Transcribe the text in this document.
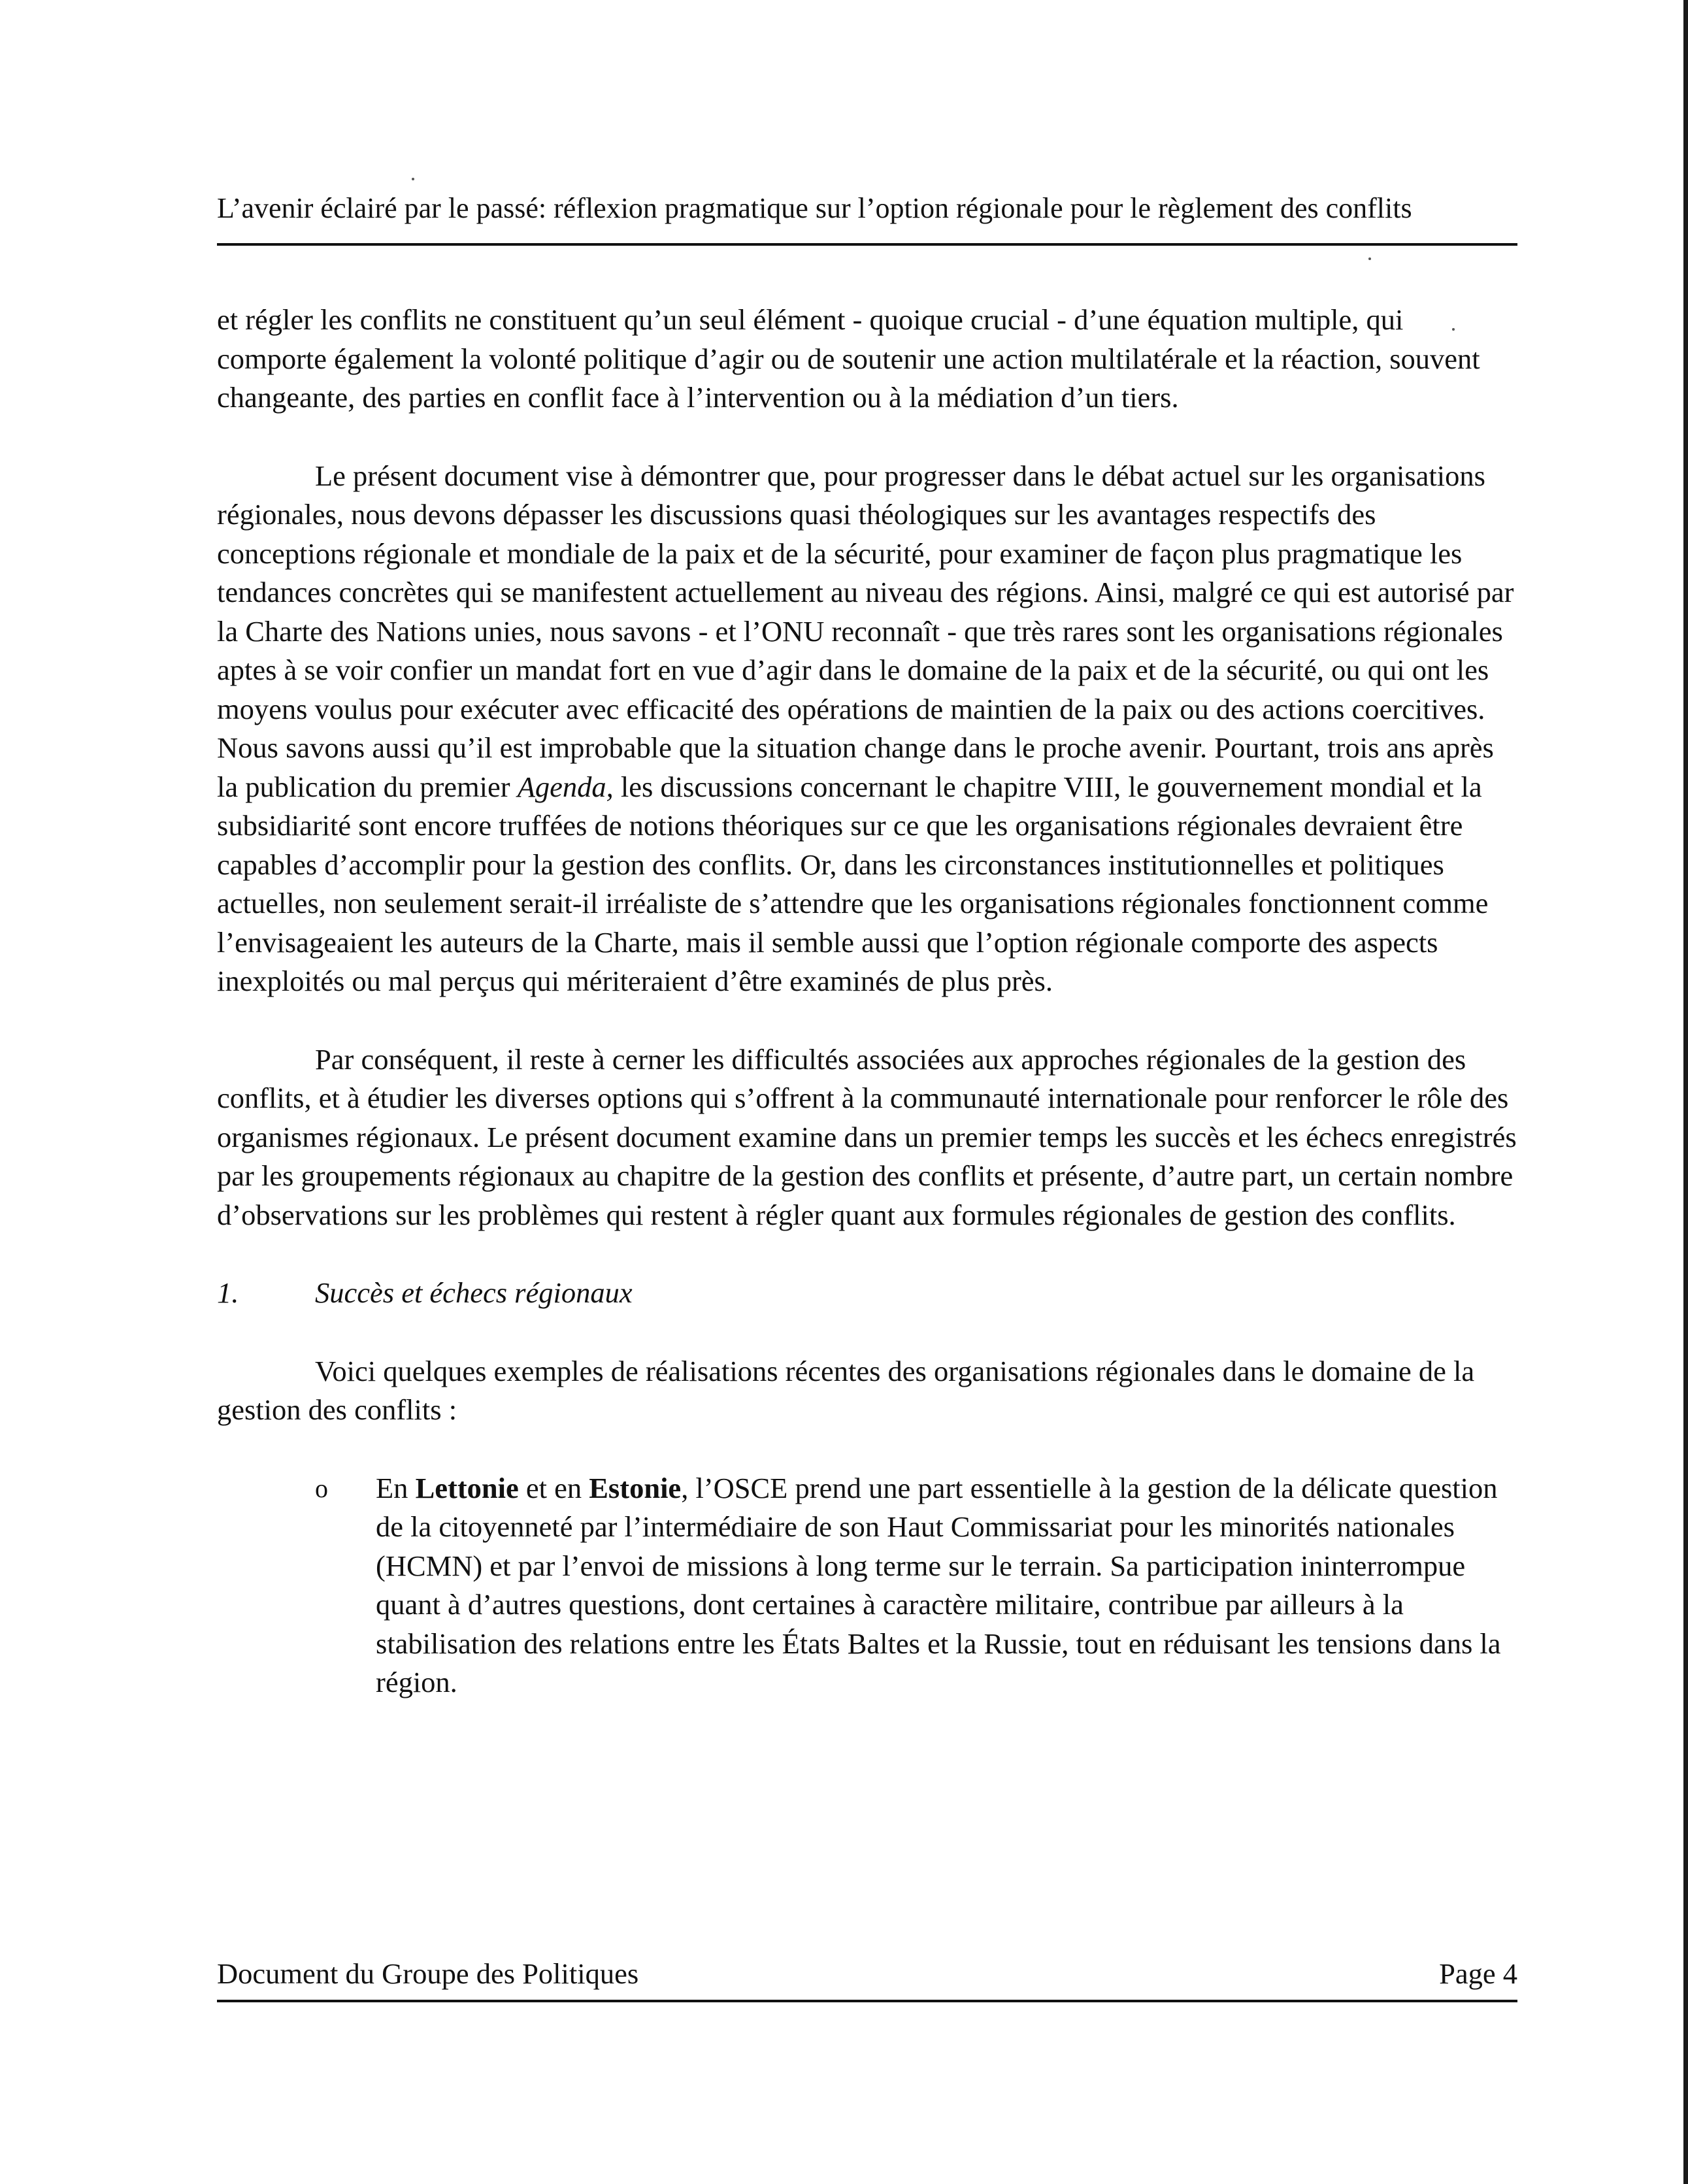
L’avenir éclairé par le passé: réflexion pragmatique sur l’option régionale pour le règlement des conflits

et régler les conflits ne constituent qu’un seul élément - quoique crucial - d’une équation multiple, qui comporte également la volonté politique d’agir ou de soutenir une action multilatérale et la réaction, souvent changeante, des parties en conflit face à l’intervention ou à la médiation d’un tiers.

Le présent document vise à démontrer que, pour progresser dans le débat actuel sur les organisations régionales, nous devons dépasser les discussions quasi théologiques sur les avantages respectifs des conceptions régionale et mondiale de la paix et de la sécurité, pour examiner de façon plus pragmatique les tendances concrètes qui se manifestent actuellement au niveau des régions. Ainsi, malgré ce qui est autorisé par la Charte des Nations unies, nous savons - et l’ONU reconnaît - que très rares sont les organisations régionales aptes à se voir confier un mandat fort en vue d’agir dans le domaine de la paix et de la sécurité, ou qui ont les moyens voulus pour exécuter avec efficacité des opérations de maintien de la paix ou des actions coercitives. Nous savons aussi qu’il est improbable que la situation change dans le proche avenir. Pourtant, trois ans après la publication du premier Agenda, les discussions concernant le chapitre VIII, le gouvernement mondial et la subsidiarité sont encore truffées de notions théoriques sur ce que les organisations régionales devraient être capables d’accomplir pour la gestion des conflits. Or, dans les circonstances institutionnelles et politiques actuelles, non seulement serait-il irréaliste de s’attendre que les organisations régionales fonctionnent comme l’envisageaient les auteurs de la Charte, mais il semble aussi que l’option régionale comporte des aspects inexploités ou mal perçus qui mériteraient d’être examinés de plus près.

Par conséquent, il reste à cerner les difficultés associées aux approches régionales de la gestion des conflits, et à étudier les diverses options qui s’offrent à la communauté internationale pour renforcer le rôle des organismes régionaux. Le présent document examine dans un premier temps les succès et les échecs enregistrés par les groupements régionaux au chapitre de la gestion des conflits et présente, d’autre part, un certain nombre d’observations sur les problèmes qui restent à régler quant aux formules régionales de gestion des conflits.

1.	Succès et échecs régionaux

Voici quelques exemples de réalisations récentes des organisations régionales dans le domaine de la gestion des conflits :

o	En Lettonie et en Estonie, l’OSCE prend une part essentielle à la gestion de la délicate question de la citoyenneté par l’intermédiaire de son Haut Commissariat pour les minorités nationales (HCMN) et par l’envoi de missions à long terme sur le terrain. Sa participation ininterrompue quant à d’autres questions, dont certaines à caractère militaire, contribue par ailleurs à la stabilisation des relations entre les États Baltes et la Russie, tout en réduisant les tensions dans la région.
Document du Groupe des Politiques	Page 4
